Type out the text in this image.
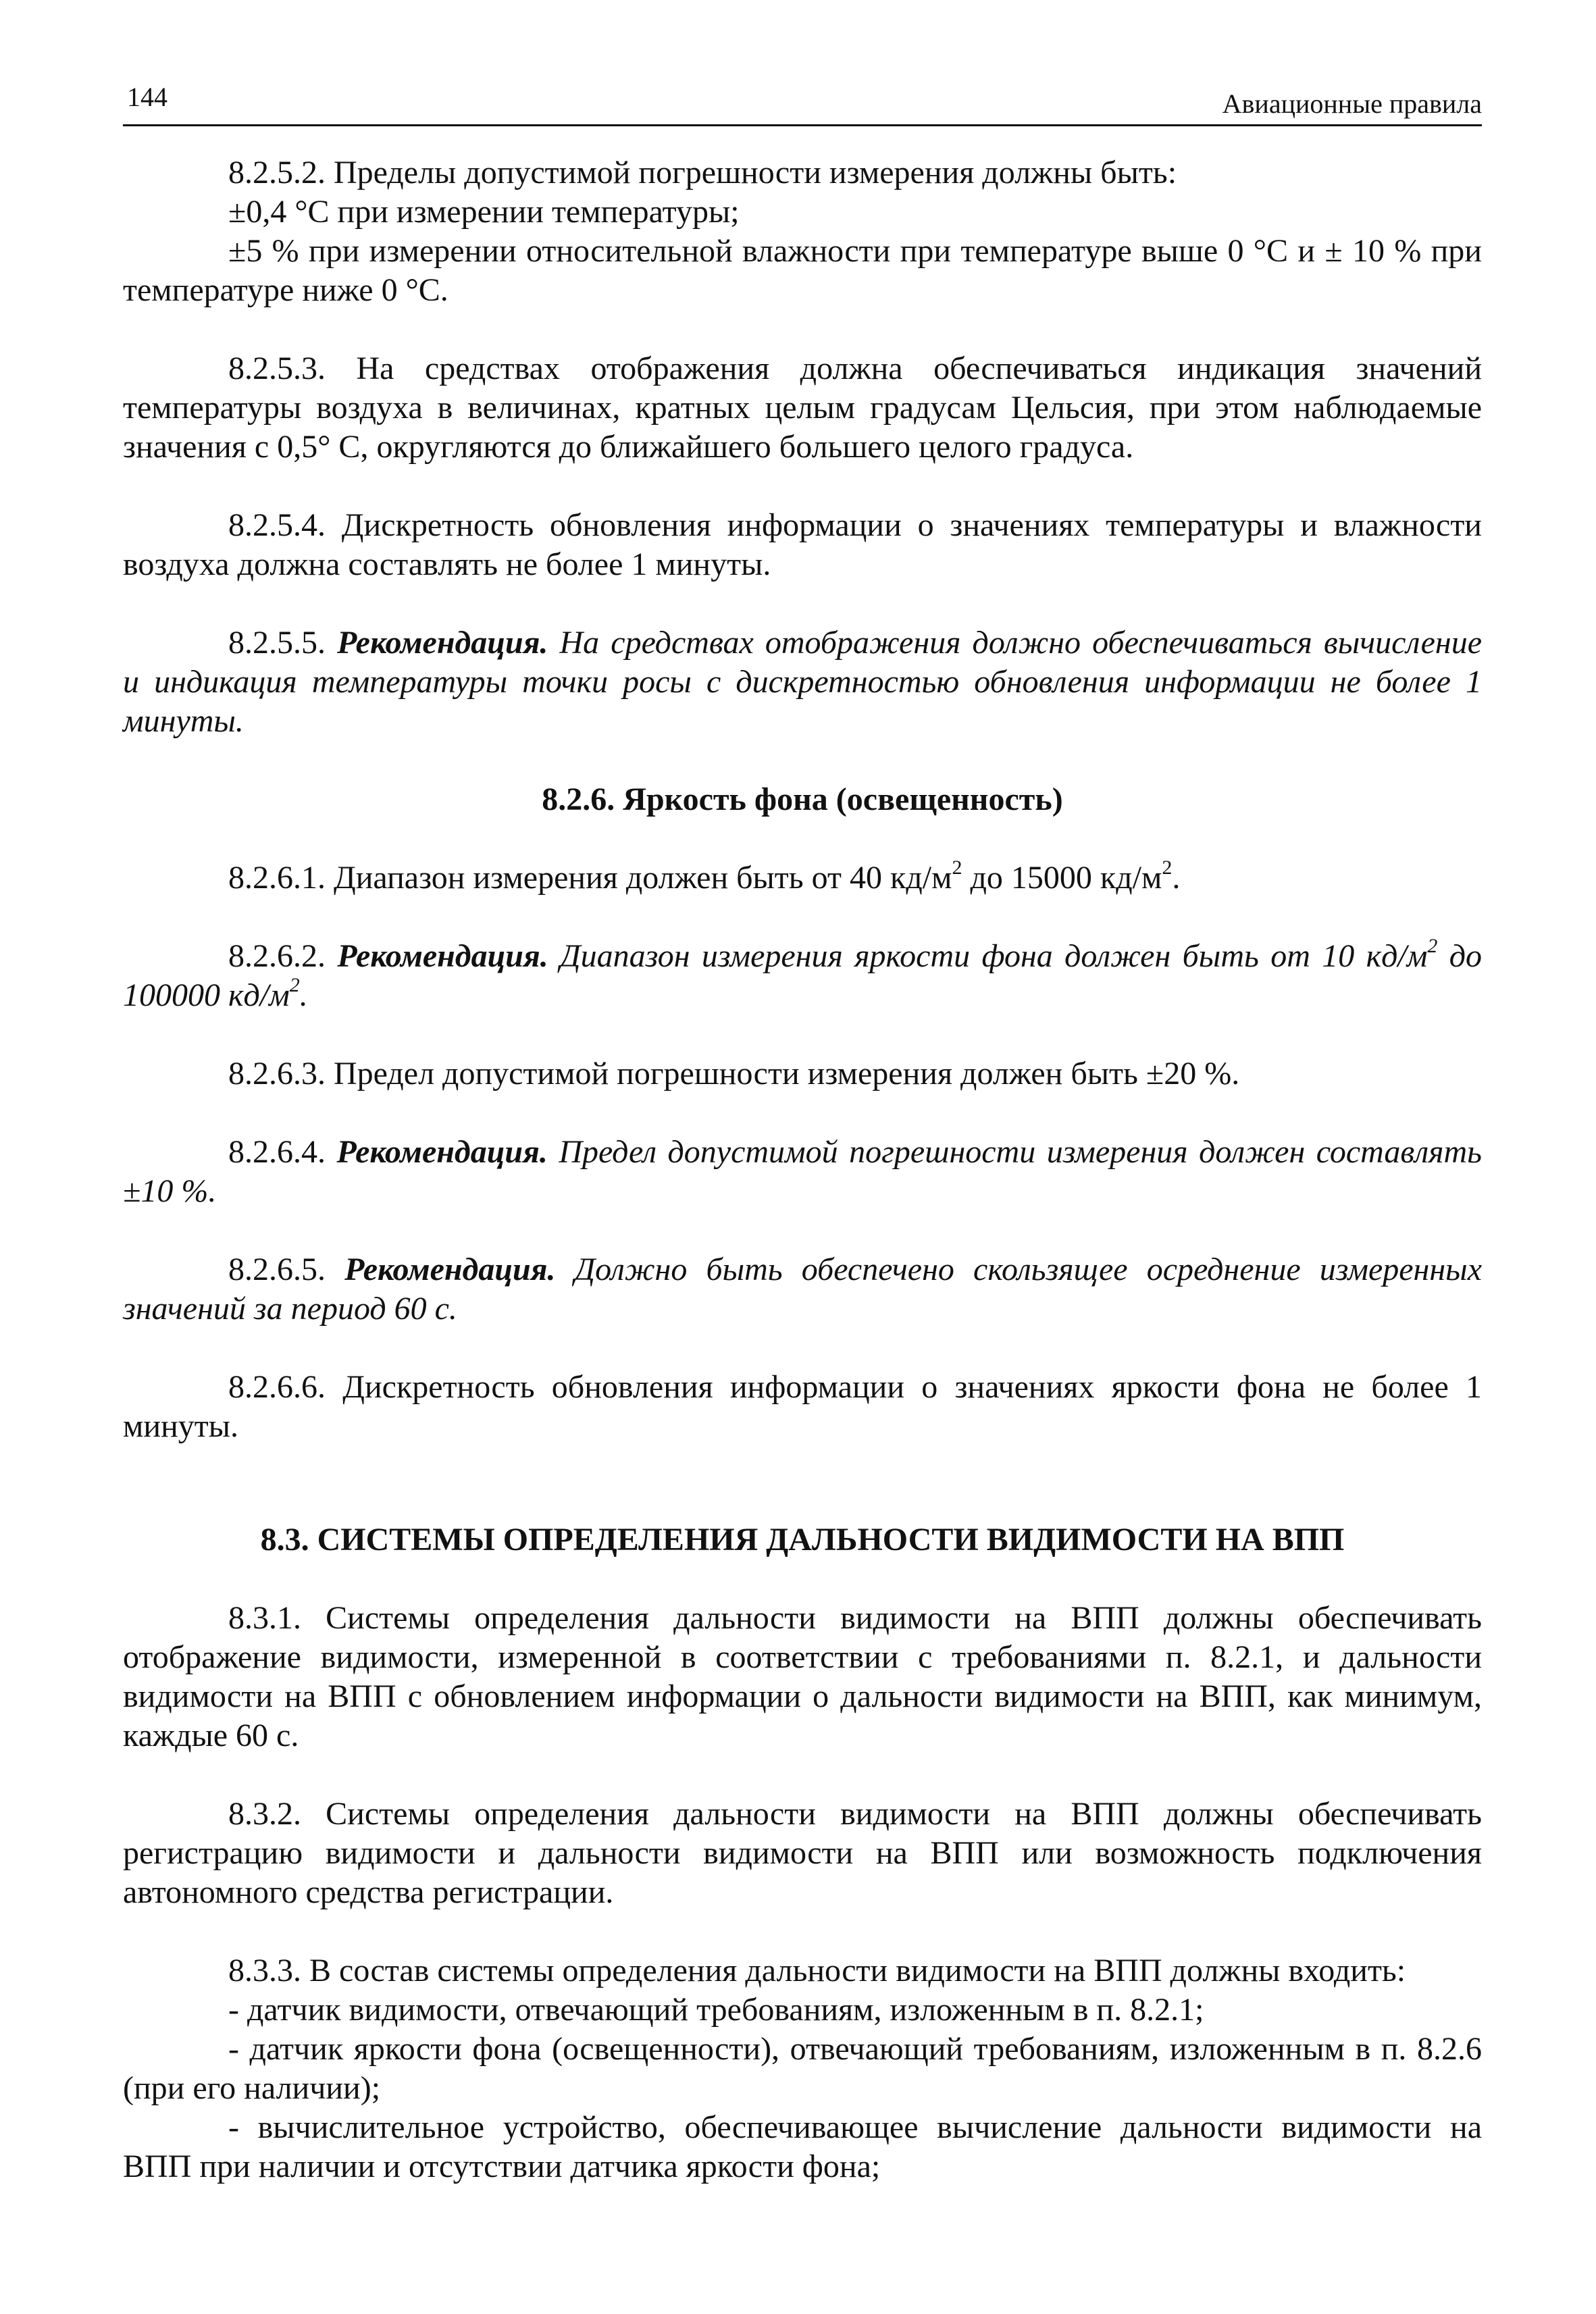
144	Авиационные правила

8.2.5.2. Пределы допустимой погрешности измерения должны быть:

±0,4 °C при измерении температуры;

±5 % при измерении относительной влажности при температуре выше 0 °С и ± 10 % при температуре ниже 0 °С.

8.2.5.3. На средствах отображения должна обеспечиваться индикация значений температуры воздуха в величинах, кратных целым градусам Цельсия, при этом наблюдаемые значения с 0,5° С, округляются до ближайшего большего целого градуса.

8.2.5.4. Дискретность обновления информации о значениях температуры и влажности воздуха должна составлять не более 1 минуты.

8.2.5.5. Рекомендация. На средствах отображения должно обеспечиваться вычисление и индикация температуры точки росы с дискретностью обновления информации не более 1 минуты.

8.2.6. Яркость фона (освещенность)

8.2.6.1. Диапазон измерения должен быть от 40 $кд/м^2$ до 15000 $кд/м^2$.

8.2.6.2. Рекомендация. Диапазон измерения яркости фона должен быть от 10 $кд/м^2$ до 100000 $кд/м^2$.

8.2.6.3. Предел допустимой погрешности измерения должен быть ±20 %.

8.2.6.4. Рекомендация. Предел допустимой погрешности измерения должен составлять ±10 %.

8.2.6.5. Рекомендация. Должно быть обеспечено скользящее осреднение измеренных значений за период 60 с.

8.2.6.6. Дискретность обновления информации о значениях яркости фона не более 1 минуты.

8.3. СИСТЕМЫ ОПРЕДЕЛЕНИЯ ДАЛЬНОСТИ ВИДИМОСТИ НА ВПП

8.3.1. Системы определения дальности видимости на ВПП должны обеспечивать отображение видимости, измеренной в соответствии с требованиями п. 8.2.1, и дальности видимости на ВПП с обновлением информации о дальности видимости на ВПП, как минимум, каждые 60 с.

8.3.2. Системы определения дальности видимости на ВПП должны обеспечивать регистрацию видимости и дальности видимости на ВПП или возможность подключения автономного средства регистрации.

8.3.3. В состав системы определения дальности видимости на ВПП должны входить:

- датчик видимости, отвечающий требованиям, изложенным в п. 8.2.1;

- датчик яркости фона (освещенности), отвечающий требованиям, изложенным в п. 8.2.6 (при его наличии);

- вычислительное устройство, обеспечивающее вычисление дальности видимости на ВПП при наличии и отсутствии датчика яркости фона;
